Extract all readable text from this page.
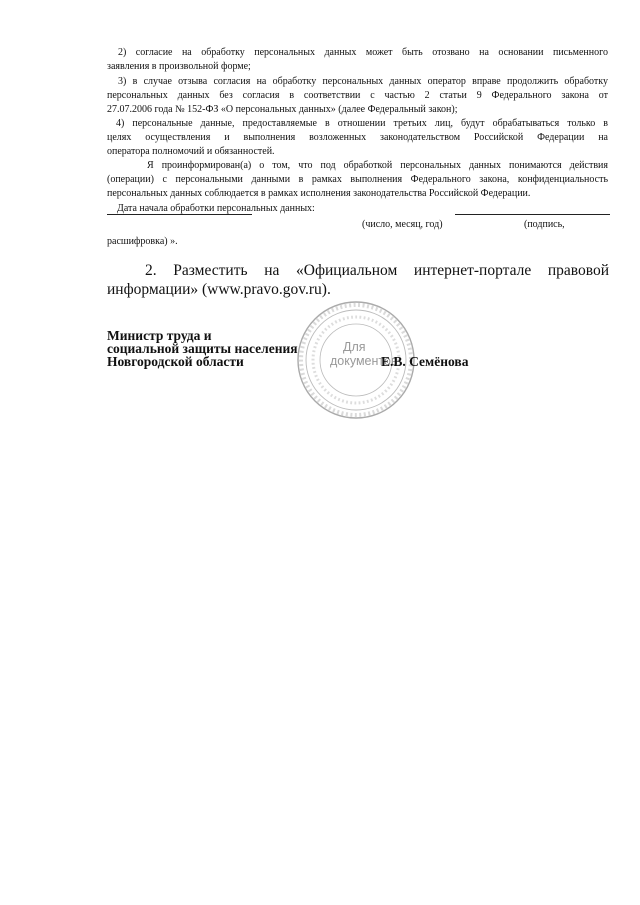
2) согласие на обработку персональных данных может быть отозвано на основании письменного
заявления в произвольной форме;
3) в случае отзыва согласия на обработку персональных данных оператор вправе продолжить обработку
персональных данных без согласия в соответствии с частью 2 статьи 9 Федерального закона от
27.07.2006 года № 152-ФЗ «О персональных данных» (далее Федеральный закон);
4) персональные данные, предоставляемые в отношении третьих лиц, будут обрабатываться только в
целях осуществления и выполнения возложенных законодательством Российской Федерации на
оператора полномочий и обязанностей.
Я проинформирован(а) о том, что под обработкой персональных данных понимаются действия
(операции) с персональными данными в рамках выполнения Федерального закона, конфиденциальность
персональных данных соблюдается в рамках исполнения законодательства Российской Федерации.
Дата начала обработки персональных данных:
(число, месяц, год)	(подпись,
расшифровка) ».
2. Разместить на «Официальном интернет-портале правовой
информации» (www.pravo.gov.ru).
Для
документов
Министр труда и
социальной защиты населения
Новгородской области	Е.В. Семёнова
